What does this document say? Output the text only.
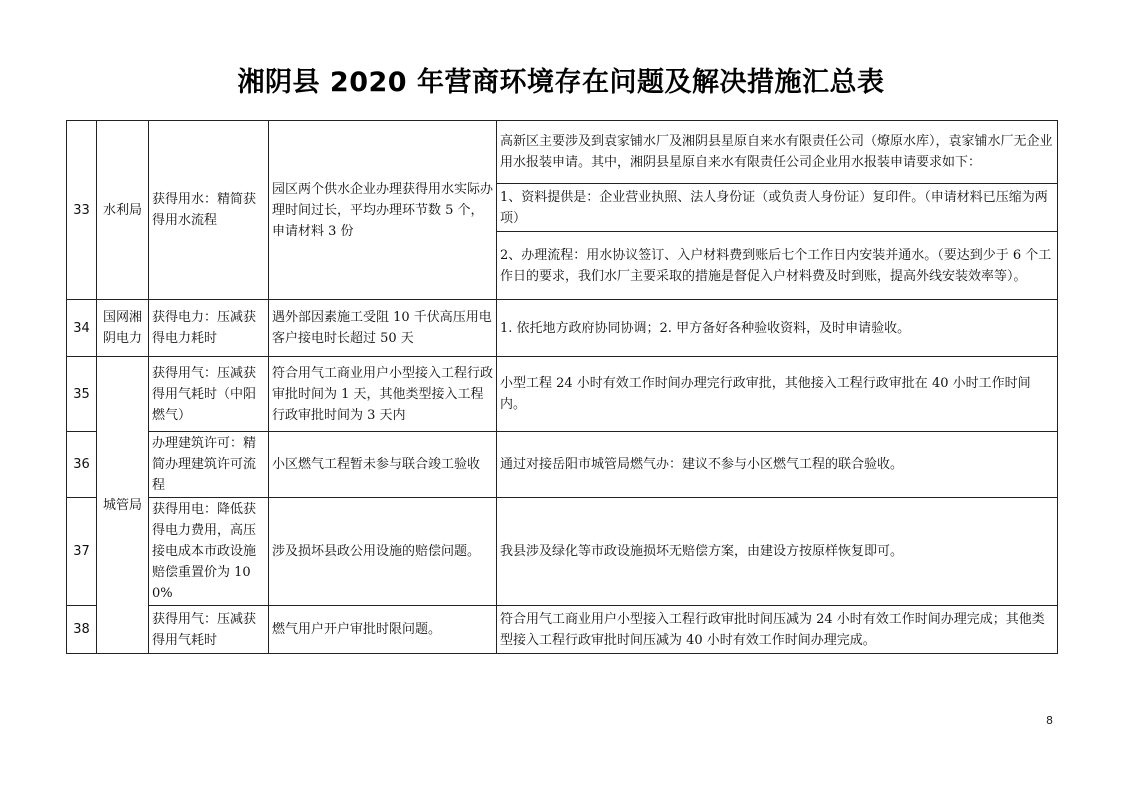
湘阴县 2020 年营商环境存在问题及解决措施汇总表
33	水利局	获得用水：精简获得用水流程	园区两个供水企业办理获得用水实际办理时间过长，平均办理环节数 5 个，申请材料 3 份	高新区主要涉及到袁家铺水厂及湘阴县星原自来水有限责任公司（燎原水库），袁家铺水厂无企业用水报装申请。其中，湘阴县星原自来水有限责任公司企业用水报装申请要求如下：
				1、资料提供是：企业营业执照、法人身份证（或负责人身份证）复印件。（申请材料已压缩为两项）
				2、办理流程：用水协议签订、入户材料费到账后七个工作日内安装并通水。（要达到少于 6 个工作日的要求，我们水厂主要采取的措施是督促入户材料费及时到账，提高外线安装效率等）。
34	国网湘阴电力	获得电力：压减获得电力耗时	遇外部因素施工受阻 10 千伏高压用电客户接电时长超过 50 天	1. 依托地方政府协同协调；2. 甲方备好各种验收资料，及时申请验收。
35	城管局	获得用气：压减获得用气耗时（中阳燃气）	符合用气工商业用户小型接入工程行政审批时间为 1 天，其他类型接入工程行政审批时间为 3 天内	小型工程 24 小时有效工作时间办理完行政审批，其他接入工程行政审批在 40 小时工作时间内。
36		办理建筑许可：精简办理建筑许可流程	小区燃气工程暂未参与联合竣工验收	通过对接岳阳市城管局燃气办：建议不参与小区燃气工程的联合验收。
37		获得用电：降低获得电力费用，高压接电成本市政设施赔偿重置价为 100%	涉及损坏县政公用设施的赔偿问题。	我县涉及绿化等市政设施损坏无赔偿方案，由建设方按原样恢复即可。
38		获得用气：压减获得用气耗时	燃气用户开户审批时限问题。	符合用气工商业用户小型接入工程行政审批时间压减为 24 小时有效工作时间办理完成；其他类型接入工程行政审批时间压减为 40 小时有效工作时间办理完成。
8
